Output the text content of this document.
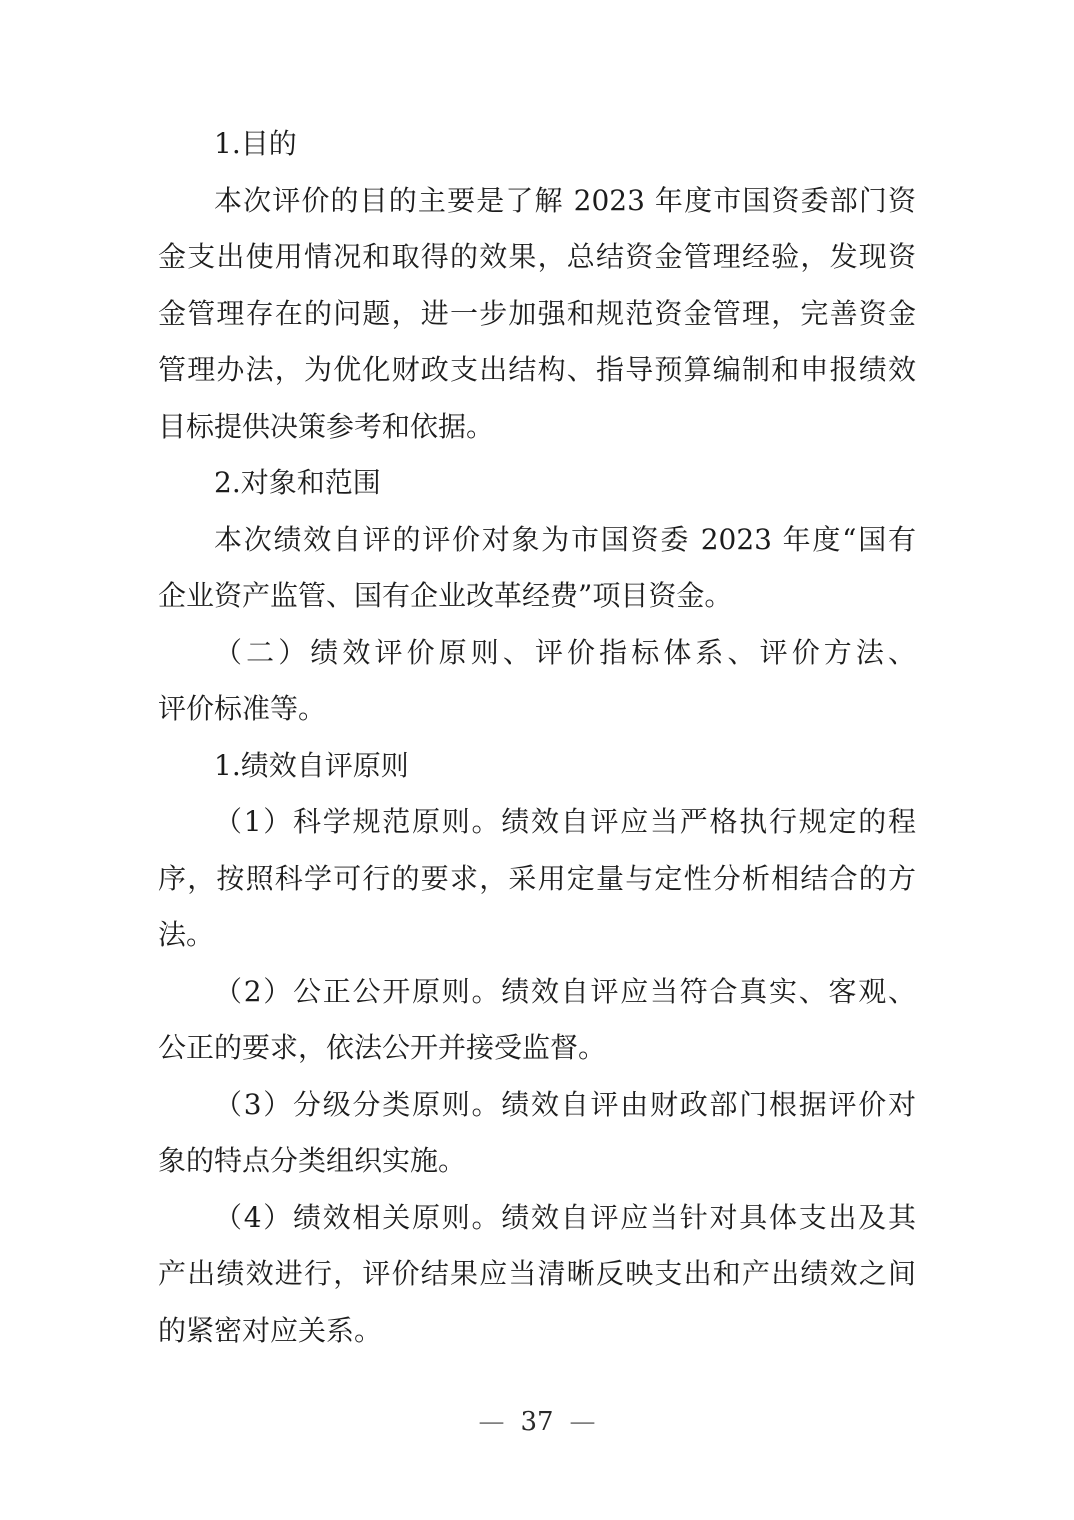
1.目的
本次评价的目的主要是了解 2023 年度市国资委部门资
金支出使用情况和取得的效果，总结资金管理经验，发现资
金管理存在的问题，进一步加强和规范资金管理，完善资金
管理办法，为优化财政支出结构、指导预算编制和申报绩效
目标提供决策参考和依据。
2.对象和范围
本次绩效自评的评价对象为市国资委 2023 年度“国有
企业资产监管、国有企业改革经费”项目资金。
（二）绩效评价原则、评价指标体系、评价方法、
评价标准等。
1.绩效自评原则
（1）科学规范原则。绩效自评应当严格执行规定的程
序，按照科学可行的要求，采用定量与定性分析相结合的方
法。
（2）公正公开原则。绩效自评应当符合真实、客观、
公正的要求，依法公开并接受监督。
（3）分级分类原则。绩效自评由财政部门根据评价对
象的特点分类组织实施。
（4）绩效相关原则。绩效自评应当针对具体支出及其
产出绩效进行，评价结果应当清晰反映支出和产出绩效之间
的紧密对应关系。
— 37 —
